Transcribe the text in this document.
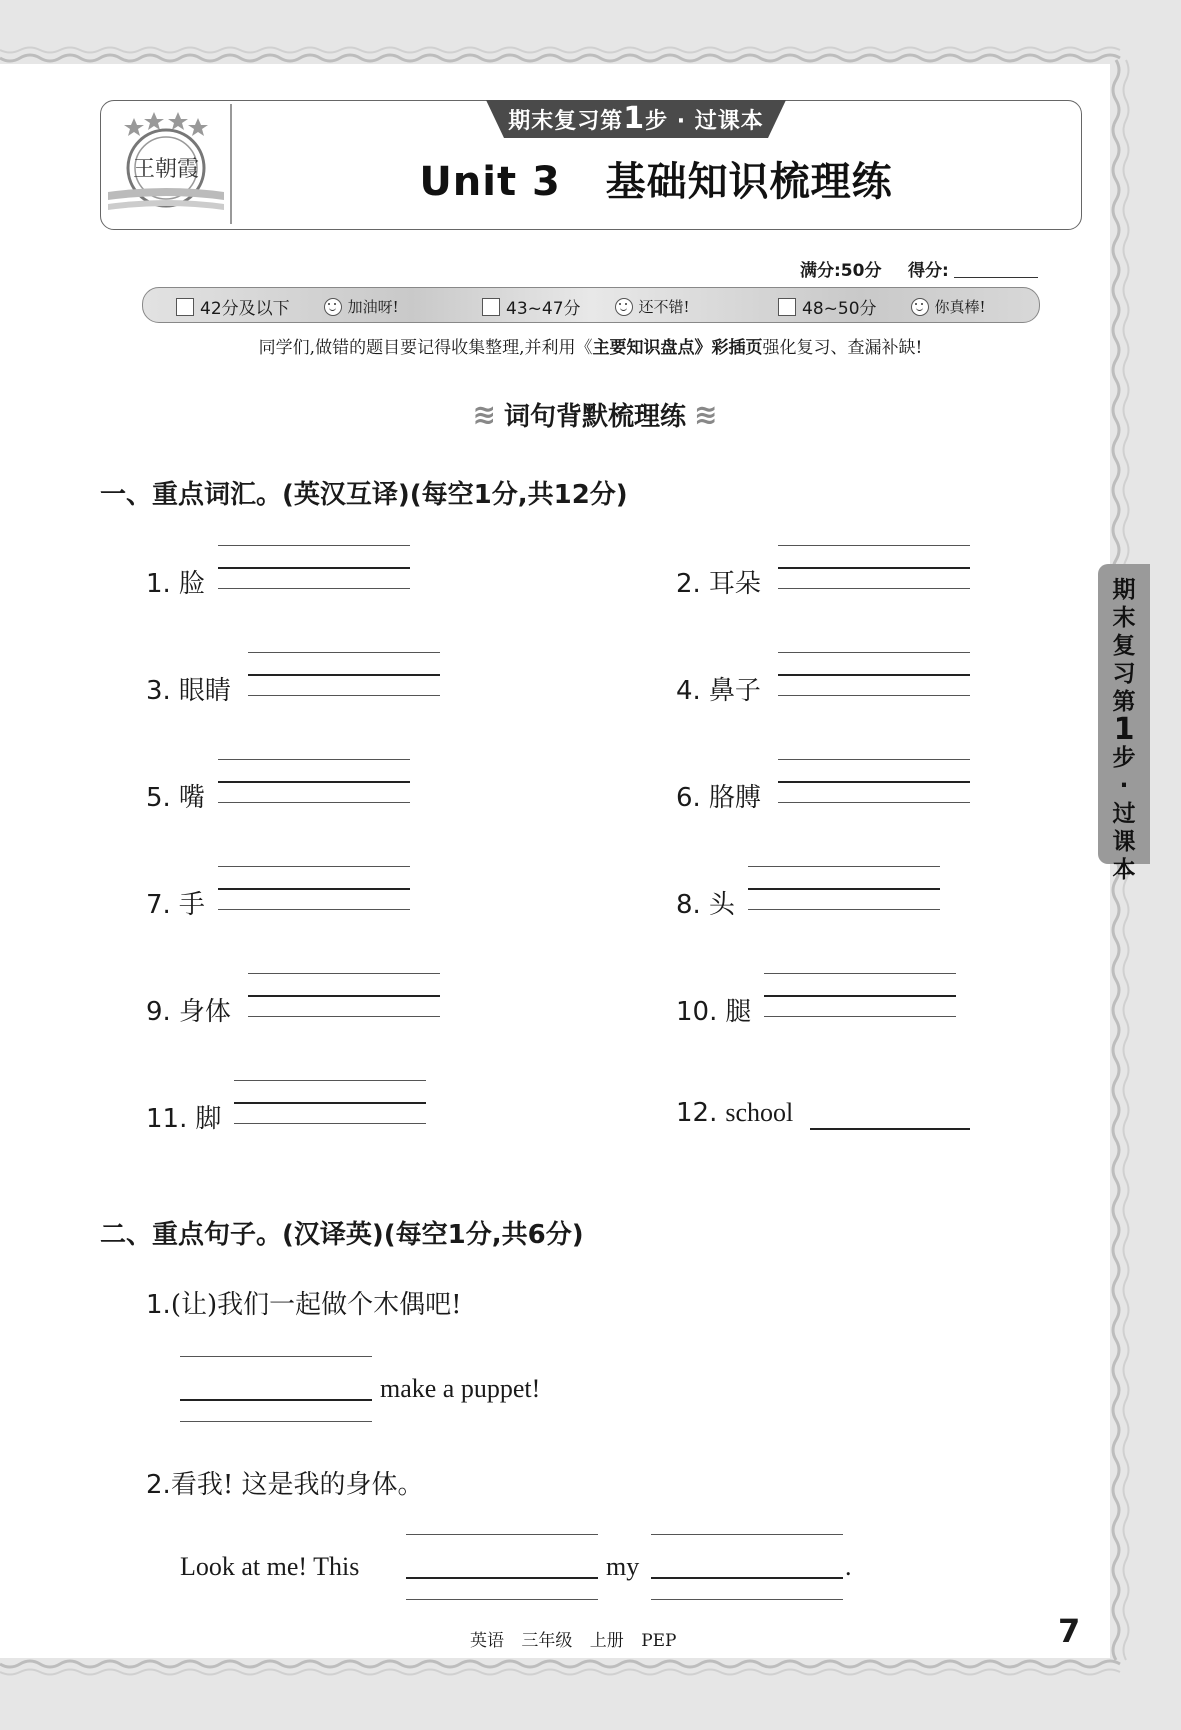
王朝霞
期末复习第1步 · 过课本
Unit 3   基础知识梳理练
满分:50分 得分:
42分及以下	加油呀!	43~47分	还不错!	48~50分	你真棒!
同学们,做错的题目要记得收集整理,并利用《主要知识盘点》彩插页强化复习、查漏补缺!
≋ 词句背默梳理练 ≋
一、重点词汇。(英汉互译)(每空1分,共12分)
1. 脸	2. 耳朵
3. 眼睛	4. 鼻子
5. 嘴	6. 胳膊
7. 手	8. 头
9. 身体	10. 腿
11. 脚	12. school
二、重点句子。(汉译英)(每空1分,共6分)
1.(让)我们一起做个木偶吧!
make a puppet!
2.看我! 这是我的身体。
Look at me! This	my	.
期
末
复
习
第
1
步
·
过
课
本
英语 三年级 上册 PEP	7
